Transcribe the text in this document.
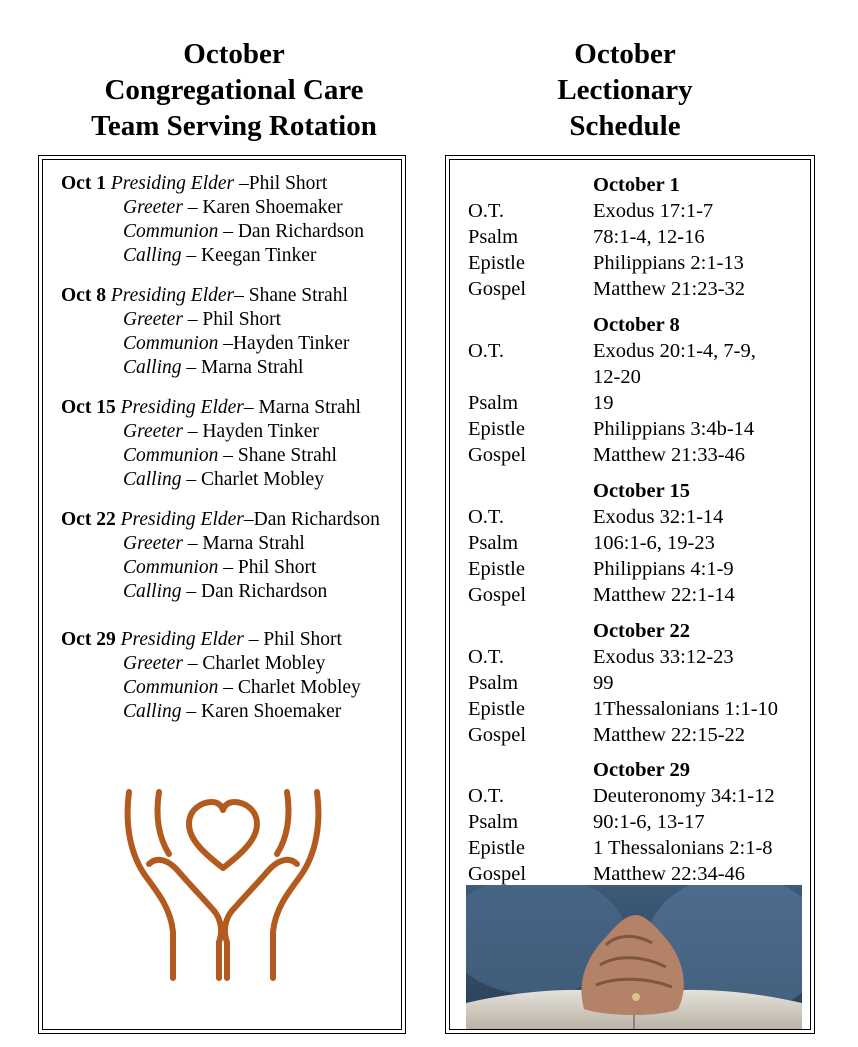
October
Congregational Care
Team Serving Rotation
October
Lectionary
Schedule
Oct 1 Presiding Elder –Phil Short
Greeter – Karen Shoemaker
Communion – Dan Richardson
Calling – Keegan Tinker
Oct 8 Presiding Elder– Shane Strahl
Greeter – Phil Short
Communion –Hayden Tinker
Calling – Marna Strahl
Oct 15 Presiding Elder– Marna Strahl
Greeter – Hayden Tinker
Communion – Shane Strahl
Calling – Charlet Mobley
Oct 22 Presiding Elder–Dan Richardson
Greeter – Marna Strahl
Communion – Phil Short
Calling – Dan Richardson
Oct 29 Presiding Elder – Phil Short
Greeter – Charlet Mobley
Communion – Charlet Mobley
Calling – Karen Shoemaker
October 1
O.T.	Exodus 17:1-7
Psalm	78:1-4, 12-16
Epistle	Philippians 2:1-13
Gospel	Matthew 21:23-32
October 8
O.T.	Exodus 20:1-4, 7-9, 12-20
Psalm	19
Epistle	Philippians 3:4b-14
Gospel	Matthew 21:33-46
October 15
O.T.	Exodus 32:1-14
Psalm	106:1-6, 19-23
Epistle	Philippians 4:1-9
Gospel	Matthew 22:1-14
October 22
O.T.	Exodus 33:12-23
Psalm	99
Epistle	1Thessalonians 1:1-10
Gospel	Matthew 22:15-22
October 29
O.T.	Deuteronomy 34:1-12
Psalm	90:1-6, 13-17
Epistle	1 Thessalonians 2:1-8
Gospel	Matthew 22:34-46
